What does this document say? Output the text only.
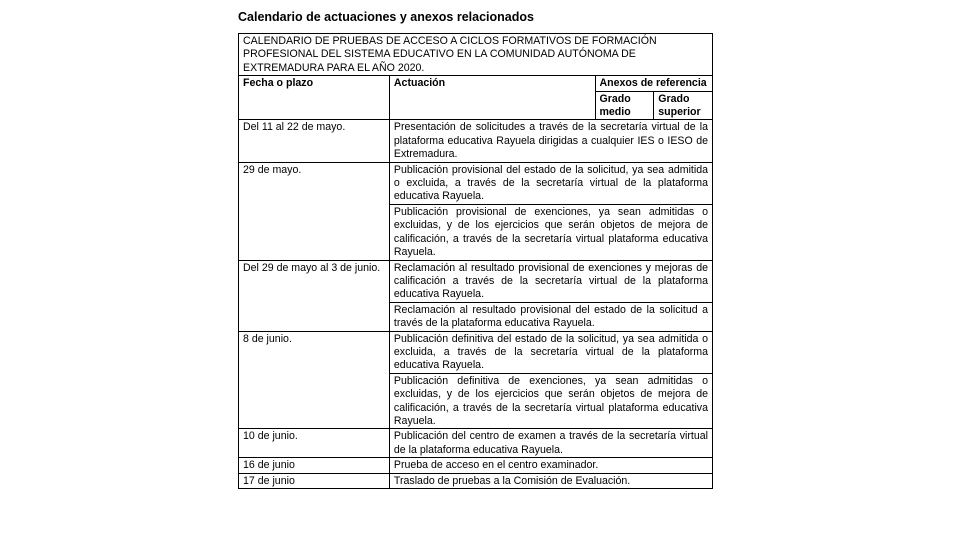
Calendario de actuaciones y anexos relacionados
CALENDARIO DE PRUEBAS DE ACCESO A CICLOS FORMATIVOS DE FORMACIÓN PROFESIONAL DEL SISTEMA EDUCATIVO EN LA COMUNIDAD AUTÓNOMA DE EXTREMADURA PARA EL AÑO 2020.			
Fecha o plazo	Actuación	Anexos de referencia	
		Grado medio	Grado superior
Del 11 al 22 de mayo.	Presentación de solicitudes a través de la secretaría virtual de la plataforma educativa Rayuela dirigidas a cualquier IES o IESO de Extremadura.		
29 de mayo.	Publicación provisional del estado de la solicitud, ya sea admitida o excluida, a través de la secretaría virtual de la plataforma educativa Rayuela.		
	Publicación provisional de exenciones, ya sean admitidas o excluidas, y de los ejercicios que serán objetos de mejora de calificación, a través de la secretaría virtual plataforma educativa Rayuela.		
Del 29 de mayo al 3 de junio.	Reclamación al resultado provisional de exenciones y mejoras de calificación a través de la secretaría virtual de la plataforma educativa Rayuela.		
	Reclamación al resultado provisional del estado de la solicitud a través de la plataforma educativa Rayuela.		
8 de junio.	Publicación definitiva del estado de la solicitud, ya sea admitida o excluida, a través de la secretaría virtual de la plataforma educativa Rayuela.		
	Publicación definitiva de exenciones, ya sean admitidas o excluidas, y de los ejercicios que serán objetos de mejora de calificación, a través de la secretaría virtual plataforma educativa Rayuela.		
10 de junio.	Publicación del centro de examen a través de la secretaría virtual de la plataforma educativa Rayuela.		
16 de junio	Prueba de acceso en el centro examinador.		
17 de junio	Traslado de pruebas a la Comisión de Evaluación.		
